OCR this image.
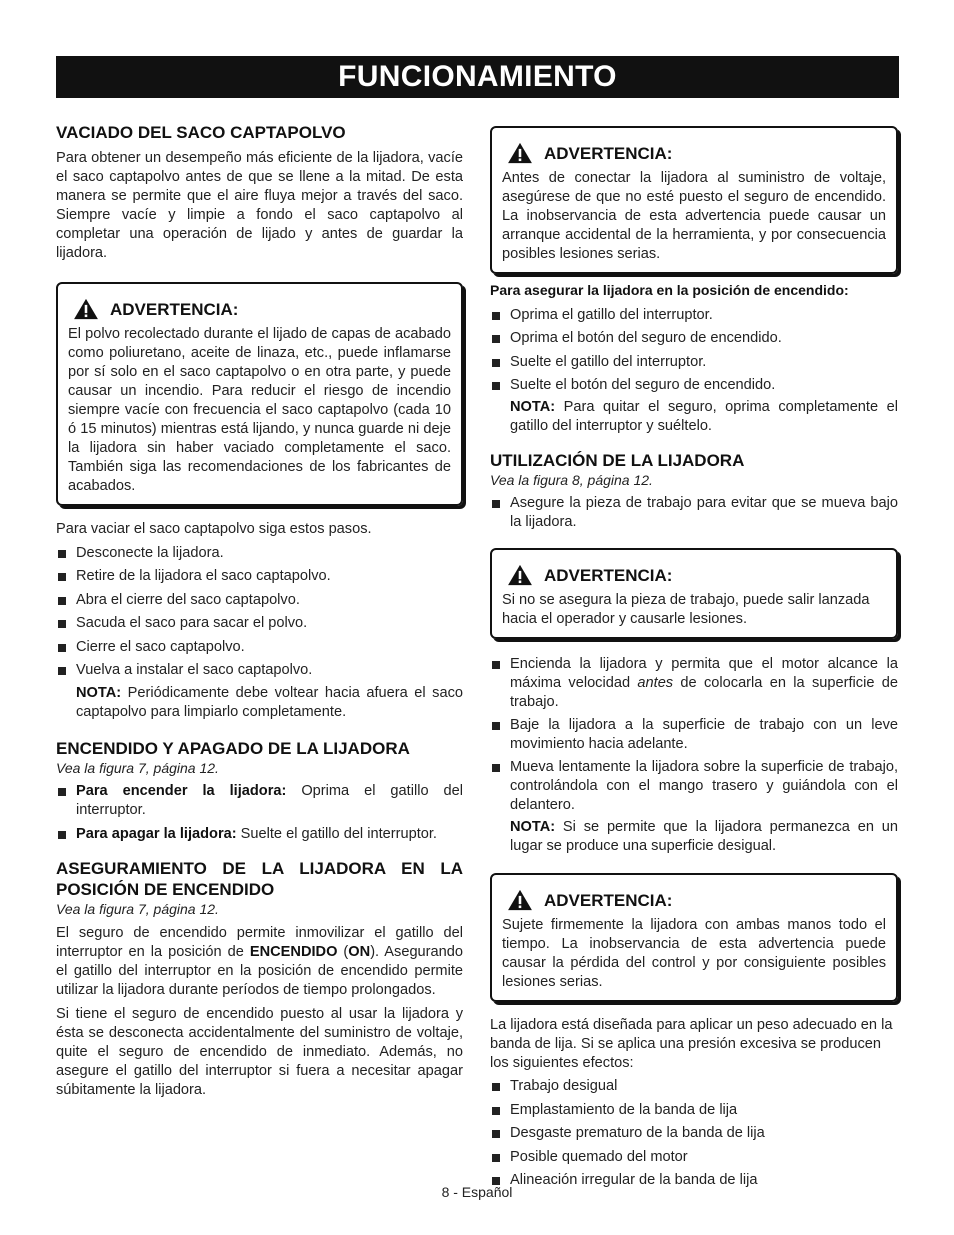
FUNCIONAMIENTO
VACIADO DEL SACO CAPTAPOLVO

Para obtener un desempeño más eficiente de la lijadora, vacíe el saco captapolvo antes de que se llene a la mitad. De esta manera se permite que el aire fluya mejor a través del saco. Siempre vacíe y limpie a fondo el saco captapolvo al completar una operación de lijado y antes de guardar la lijadora.

ADVERTENCIA:

El polvo recolectado durante el lijado de capas de acabado como poliuretano, aceite de linaza, etc., puede inflamarse por sí solo en el saco captapolvo o en otra parte, y puede causar un incendio. Para reducir el riesgo de incendio siempre vacíe con frecuencia el saco captapolvo (cada 10 ó 15 minutos) mientras está lijando, y nunca guarde ni deje la lijadora sin haber vaciado completamente el saco. También siga las recomendaciones de los fabricantes de acabados.

Para vaciar el saco captapolvo siga estos pasos.

Desconecte la lijadora.
Retire de la lijadora el saco captapolvo.
Abra el cierre del saco captapolvo.
Sacuda el saco para sacar el polvo.
Cierre el saco captapolvo.
Vuelva a instalar el saco captapolvo.

NOTA: Periódicamente debe voltear hacia afuera el saco captapolvo para limpiarlo completamente.

ENCENDIDO Y APAGADO DE LA LIJADORA
Vea la figura 7, página 12.
Para encender la lijadora: Oprima el gatillo del interruptor.
Para apagar la lijadora: Suelte el gatillo del interruptor.
ASEGURAMIENTO DE LA LIJADORA EN LA POSICIÓN DE ENCENDIDO
Vea la figura 7, página 12.

El seguro de encendido permite inmovilizar el gatillo del interruptor en la posición de ENCENDIDO (ON). Asegurando el gatillo del interruptor en la posición de encendido permite utilizar la lijadora durante períodos de tiempo prolongados.

Si tiene el seguro de encendido puesto al usar la lijadora y ésta se desconecta accidentalmente del suministro de voltaje, quite el seguro de encendido de inmediato. Además, no asegure el gatillo del interruptor si fuera a necesitar apagar súbitamente la lijadora.

ADVERTENCIA:

Antes de conectar la lijadora al suministro de voltaje, asegúrese de que no esté puesto el seguro de encendido. La inobservancia de esta advertencia puede causar un arranque accidental de la herramienta, y por consecuencia posibles lesiones serias.

Para asegurar la lijadora en la posición de encendido:
Oprima el gatillo del interruptor.
Oprima el botón del seguro de encendido.
Suelte el gatillo del interruptor.
Suelte el botón del seguro de encendido.

NOTA: Para quitar el seguro, oprima completamente el gatillo del interruptor y suéltelo.

UTILIZACIÓN DE LA LIJADORA
Vea la figura 8, página 12.
Asegure la pieza de trabajo para evitar que se mueva bajo la lijadora.
ADVERTENCIA:

Si no se asegura la pieza de trabajo, puede salir lanzada hacia el operador y causarle lesiones.

Encienda la lijadora y permita que el motor alcance la máxima velocidad antes de colocarla en la superficie de trabajo.
Baje la lijadora a la superficie de trabajo con un leve movimiento hacia adelante.
Mueva lentamente la lijadora sobre la superficie de trabajo, controlándola con el mango trasero y guiándola con el delantero.

NOTA: Si se permite que la lijadora permanezca en un lugar se produce una superficie desigual.

ADVERTENCIA:

Sujete firmemente la lijadora con ambas manos todo el tiempo. La inobservancia de esta advertencia puede causar la pérdida del control y por consiguiente posibles lesiones serias.

La lijadora está diseñada para aplicar un peso adecuado en la banda de lija. Si se aplica una presión excesiva se producen los siguientes efectos:

Trabajo desigual
Emplastamiento de la banda de lija
Desgaste prematuro de la banda de lija
Posible quemado del motor
Alineación irregular de la banda de lija
8 - Español
